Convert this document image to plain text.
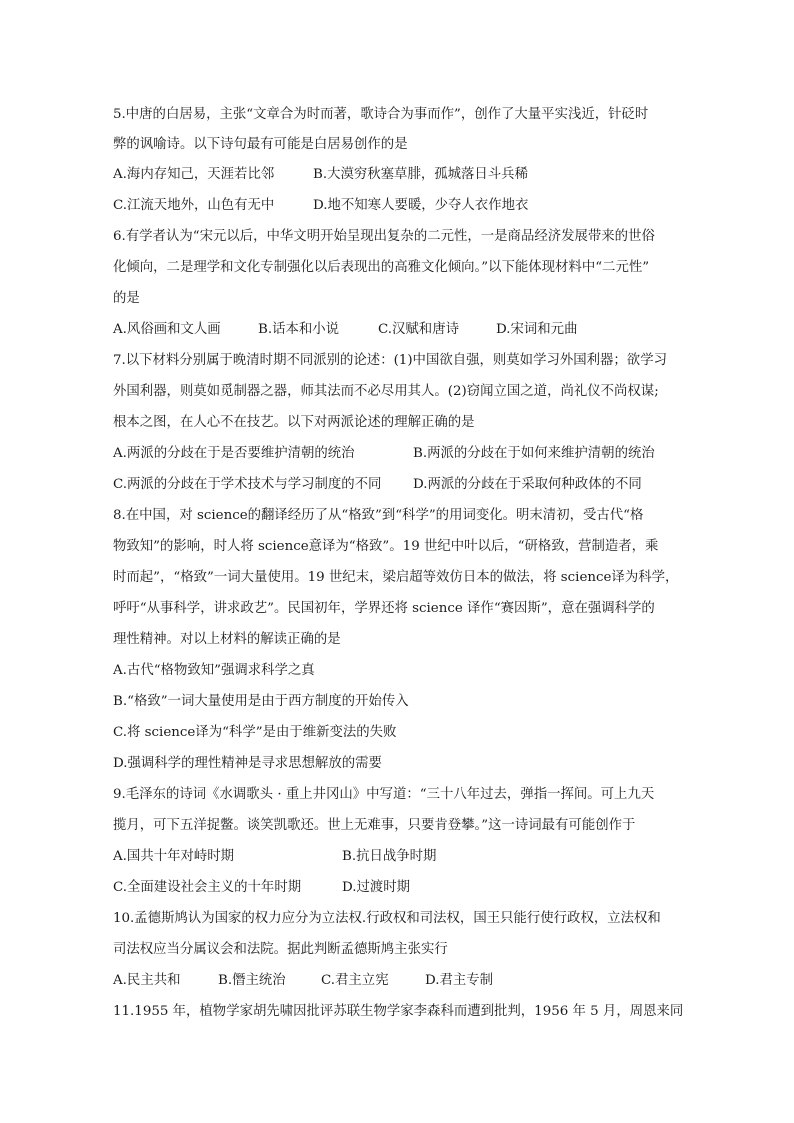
5.中唐的白居易，主张“文章合为时而著，歌诗合为事而作”，创作了大量平实浅近，针砭时

弊的讽喻诗。以下诗句最有可能是白居易创作的是

A.海内存知己，天涯若比邻	B.大漠穷秋塞草腓，孤城落日斗兵稀

C.江流天地外，山色有无中	D.地不知寒人要暖，少夺人衣作地衣

6.有学者认为“宋元以后，中华文明开始呈现出复杂的二元性，一是商品经济发展带来的世俗

化倾向，二是理学和文化专制强化以后表现出的高雅文化倾向。”以下能体现材料中“二元性”

的是

A.风俗画和文人画	B.话本和小说	C.汉赋和唐诗	D.宋词和元曲

7.以下材料分别属于晚清时期不同派别的论述：(1)中国欲自强，则莫如学习外国利器；欲学习

外国利器，则莫如觅制器之器，师其法而不必尽用其人。(2)窃闻立国之道，尚礼仪不尚权谋;

根本之图，在人心不在技艺。以下对两派论述的理解正确的是

A.两派的分歧在于是否要维护清朝的统治	B.两派的分歧在于如何来维护清朝的统治

C.两派的分歧在于学术技术与学习制度的不同 D.两派的分歧在于采取何种政体的不同

8.在中国，对 science的翻译经历了从“格致”到“科学”的用词变化。明末清初，受古代“格

物致知”的影响，时人将 science意译为“格致”。19 世纪中叶以后，“研格致，营制造者，乘

时而起”，“格致”一词大量使用。19 世纪末，梁启超等效仿日本的做法，将 science译为科学，

呼吁“从事科学，讲求政艺”。民国初年，学界还将 science 译作“赛因斯”，意在强调科学的

理性精神。对以上材料的解读正确的是

A.古代“格物致知”强调求科学之真

B.“格致”一词大量使用是由于西方制度的开始传入

C.将 science译为“科学”是由于维新变法的失败

D.强调科学的理性精神是寻求思想解放的需要

9.毛泽东的诗词《水调歌头 · 重上井冈山》中写道：“三十八年过去，弹指一挥间。可上九天

揽月，可下五洋捉鳖。谈笑凯歌还。世上无难事，只要肯登攀。”这一诗词最有可能创作于

A.国共十年对峙时期	B.抗日战争时期

C.全面建设社会主义的十年时期	D.过渡时期

10.孟德斯鸠认为国家的权力应分为立法权.行政权和司法权，国王只能行使行政权，立法权和

司法权应当分属议会和法院。据此判断孟德斯鸠主张实行

A.民主共和	B.僭主统治	C.君主立宪	D.君主专制

11.1955 年，植物学家胡先啸因批评苏联生物学家李森科而遭到批判，1956 年 5 月，周恩来同
